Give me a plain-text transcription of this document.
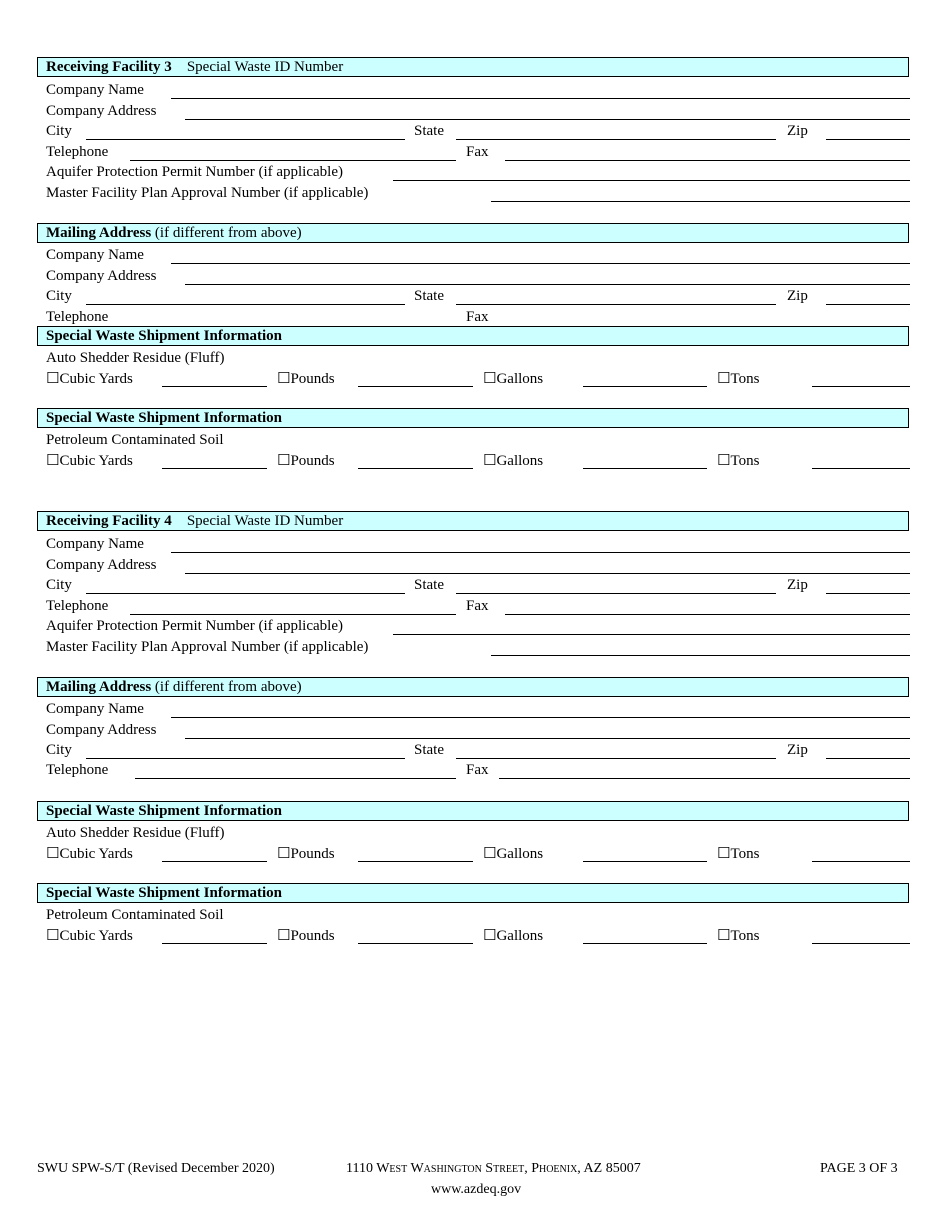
Receiving Facility 3 Special Waste ID Number
Company Name
Company Address
City	State	Zip
Telephone	Fax
Aquifer Protection Permit Number (if applicable)
Master Facility Plan Approval Number (if applicable)
Mailing Address (if different from above)
Company Name
Company Address
City	State	Zip
Telephone	Fax
Special Waste Shipment Information
Auto Shedder Residue (Fluff)
☐Cubic Yards	☐Pounds	☐Gallons	☐Tons
Special Waste Shipment Information
Petroleum Contaminated Soil
☐Cubic Yards	☐Pounds	☐Gallons	☐Tons
Receiving Facility 4 Special Waste ID Number
Company Name
Company Address
City	State	Zip
Telephone	Fax
Aquifer Protection Permit Number (if applicable)
Master Facility Plan Approval Number (if applicable)
Mailing Address (if different from above)
Company Name
Company Address
City	State	Zip
Telephone	Fax
Special Waste Shipment Information
Auto Shedder Residue (Fluff)
☐Cubic Yards	☐Pounds	☐Gallons	☐Tons
Special Waste Shipment Information
Petroleum Contaminated Soil
☐Cubic Yards	☐Pounds	☐Gallons	☐Tons
SWU SPW-S/T (Revised December 2020)	1110 West Washington Street, Phoenix, AZ 85007	PAGE 3 OF 3
www.azdeq.gov
